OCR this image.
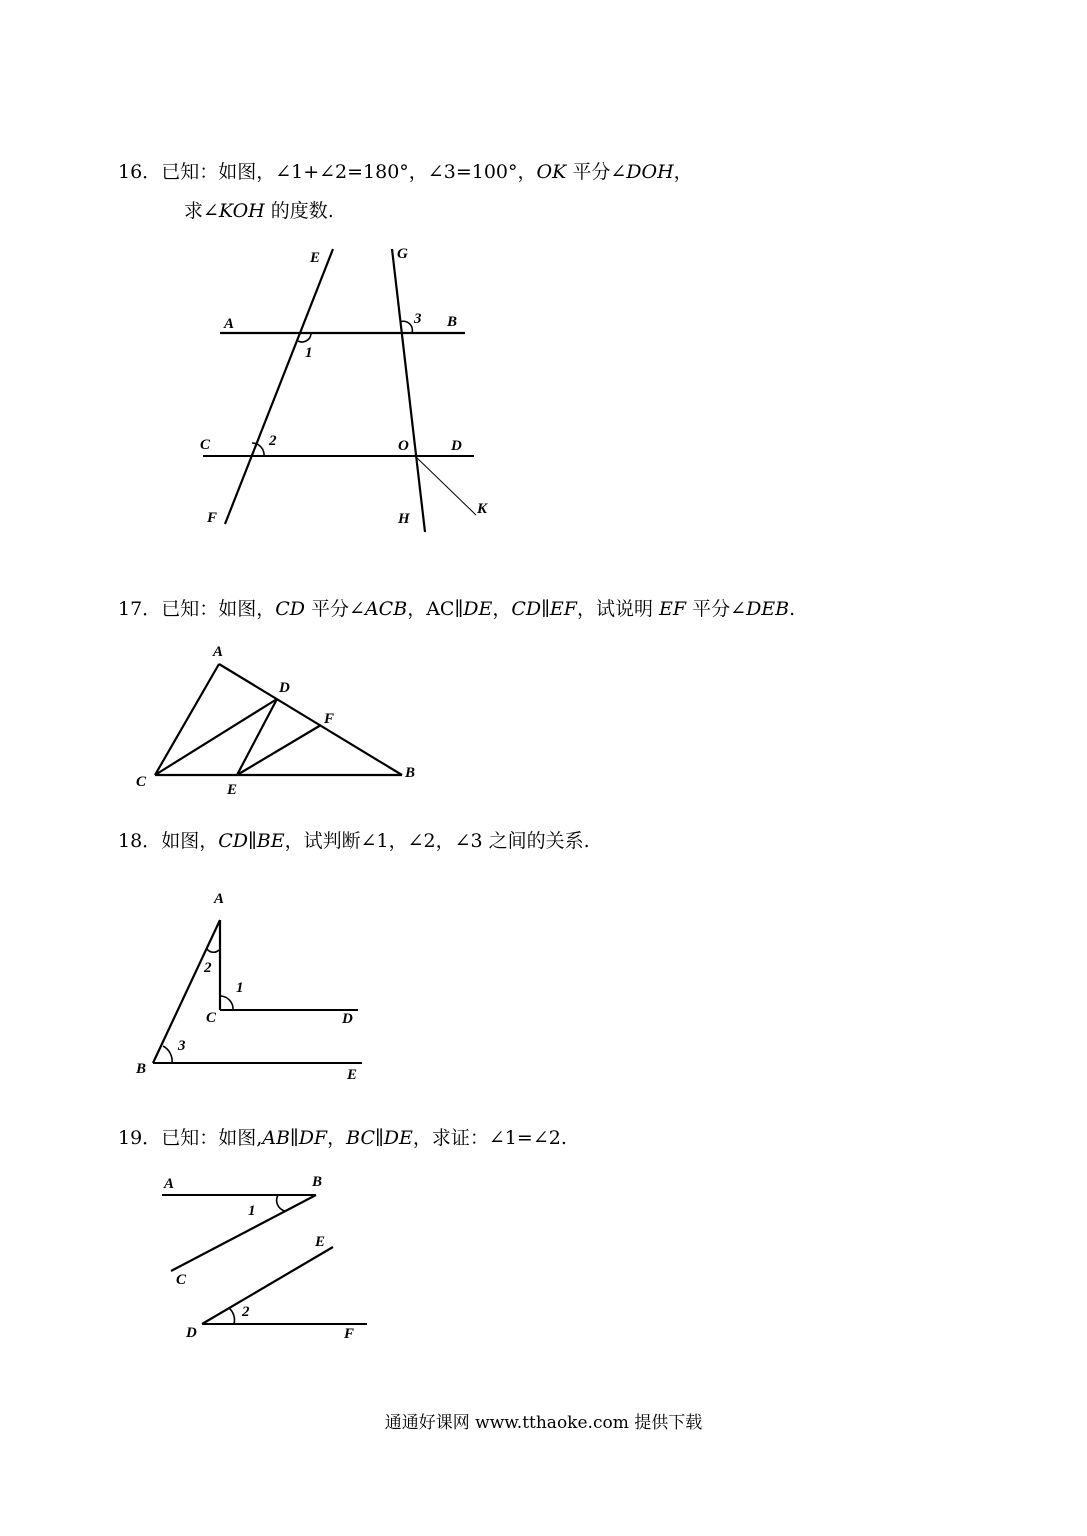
16．已知：如图，∠1+∠2=180°，∠3=100°，OK 平分∠DOH，
求∠KOH 的度数.
E	G
A	3 B
1
C	2	O	D
F	H
K
17．已知：如图，CD 平分∠ACB，AC∥DE，CD∥EF，试说明 EF 平分∠DEB.
A
D
F
C	E
B
18．如图，CD∥BE，试判断∠1，∠2，∠3 之间的关系.
A
2
1
C	D
3
B	E
19．已知：如图,AB∥DF，BC∥DE，求证：∠1=∠2.
A	B
1
E
C
2
D	F
通通好课网 www.tthaoke.com 提供下载
